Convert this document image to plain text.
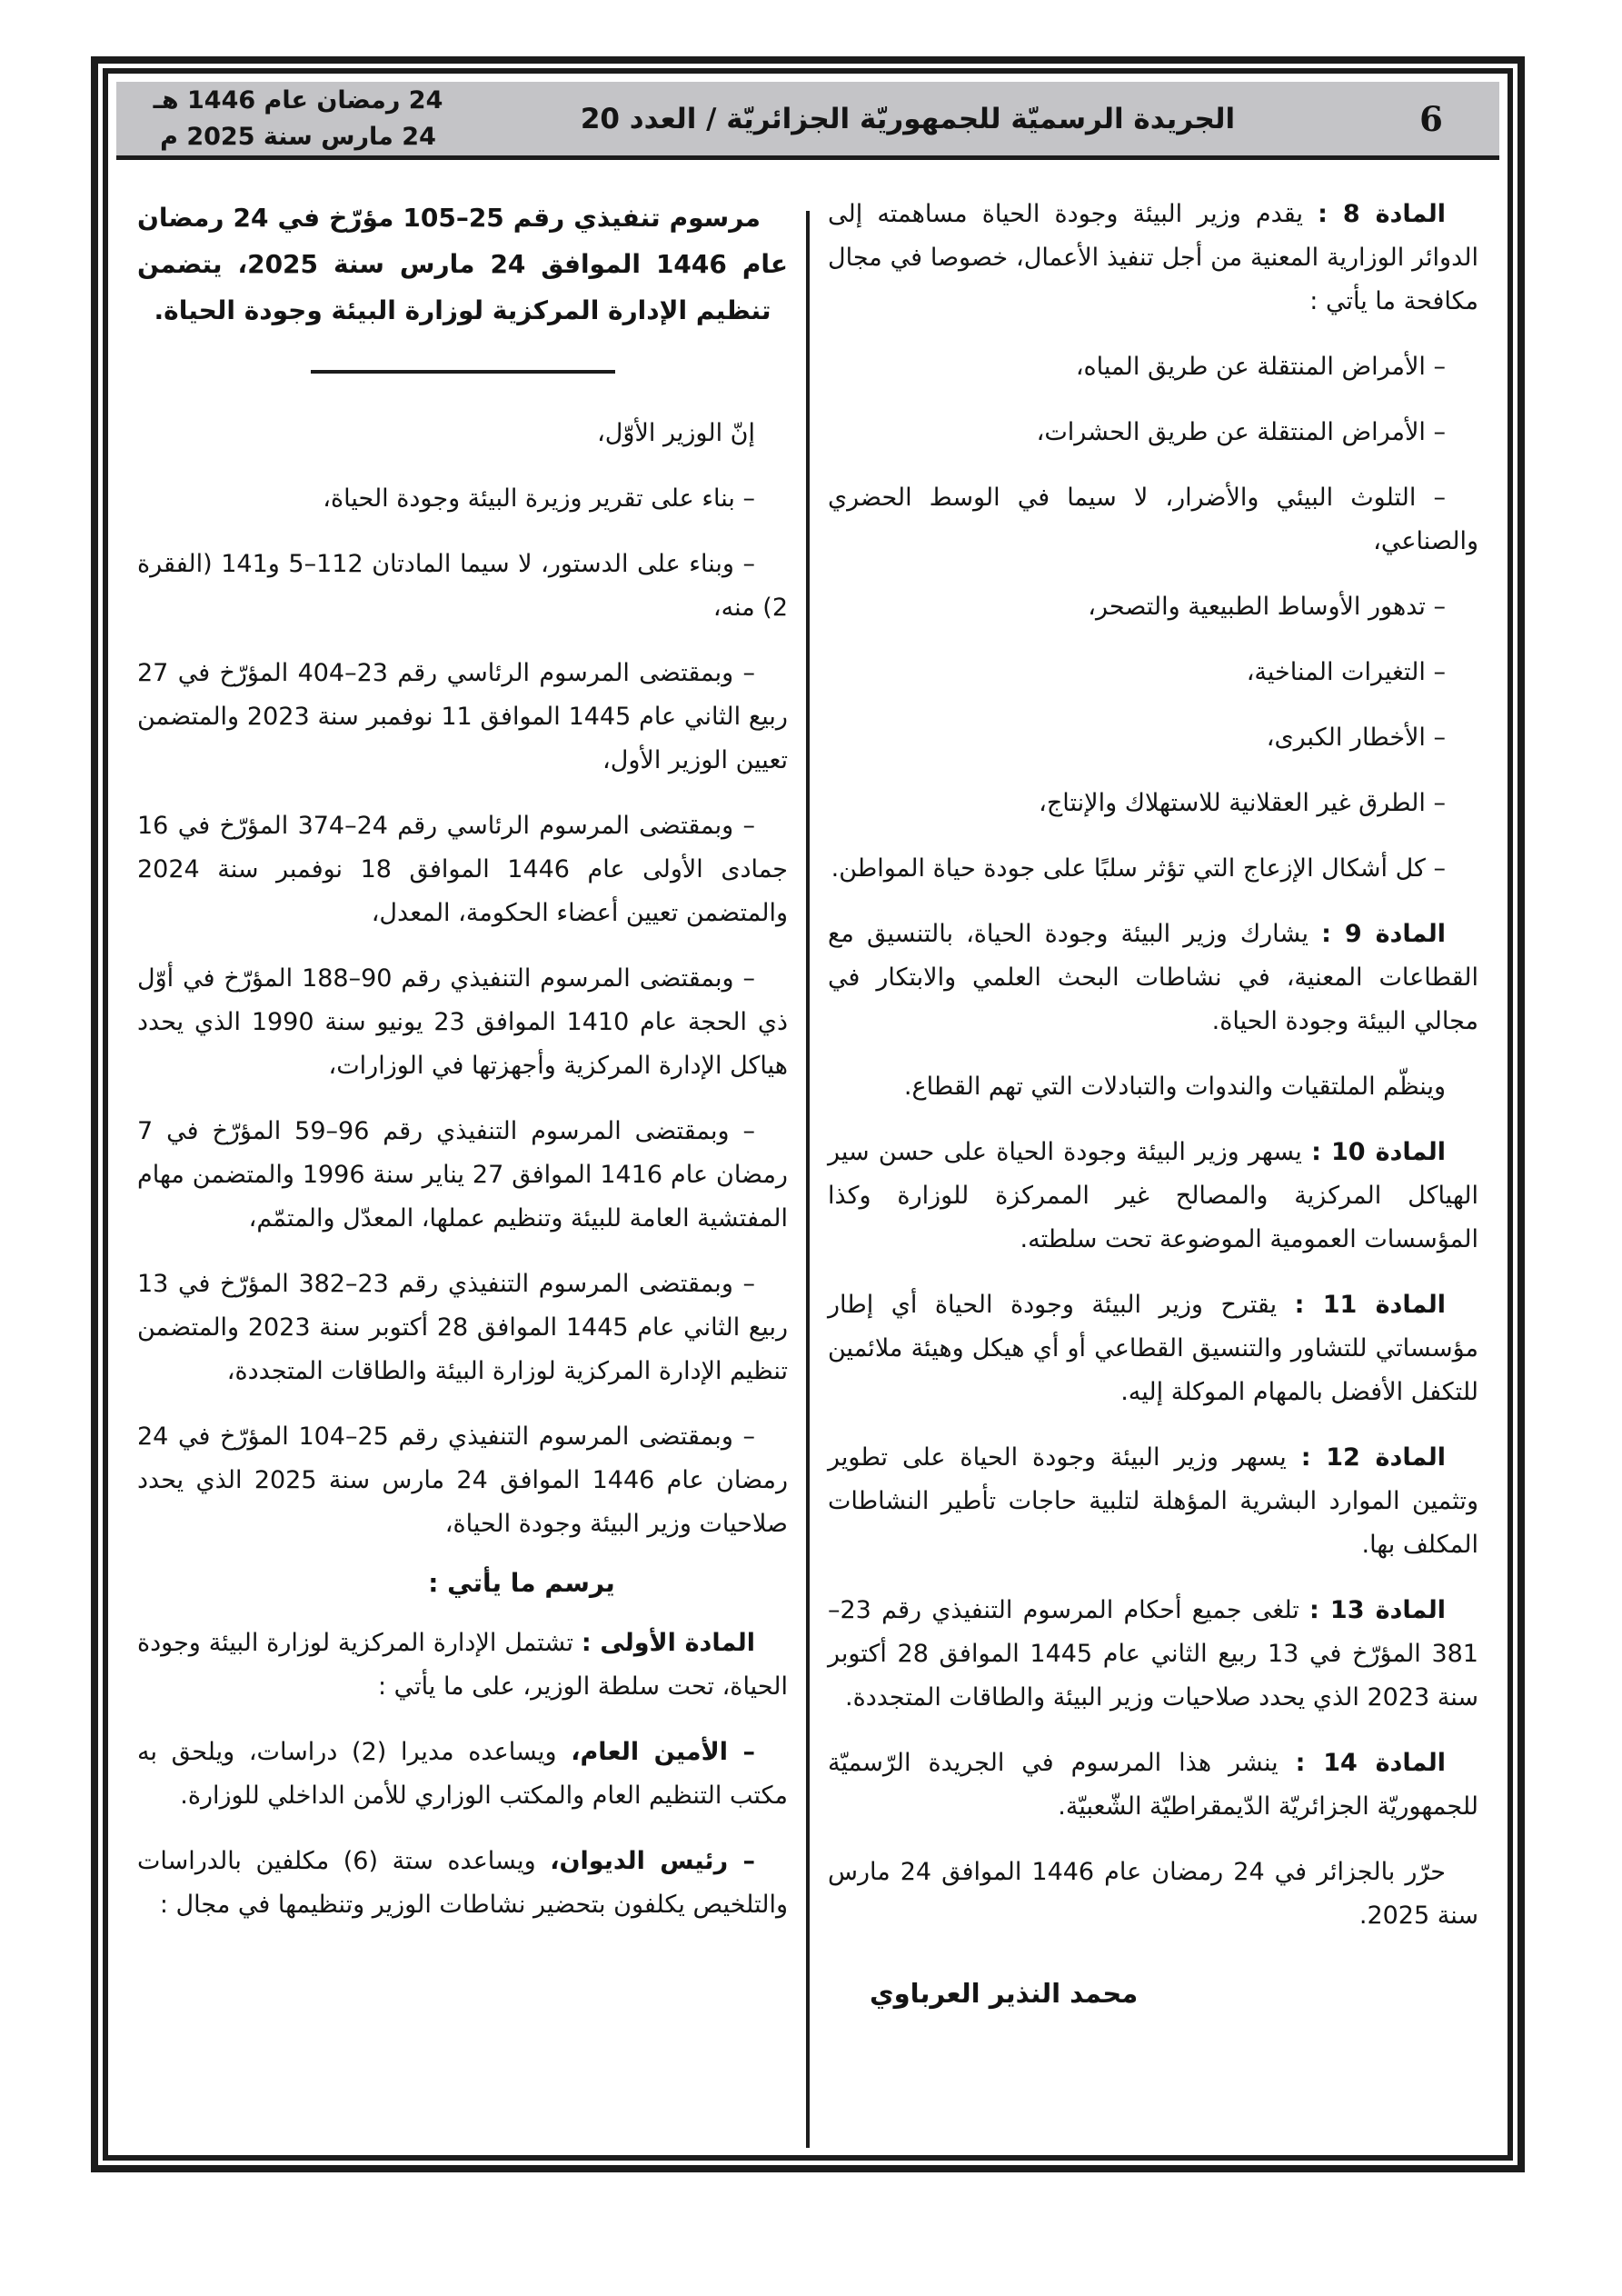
24 رمضان عام 1446 هـ
24 مارس سنة 2025 م
الجريدة الرسميّة للجمهوريّة الجزائريّة / العدد 20	6

المادة 8 : يقدم وزير البيئة وجودة الحياة مساهمته إلى الدوائر الوزارية المعنية من أجل تنفيذ الأعمال، خصوصا في مجال مكافحة ما يأتي :

– الأمراض المنتقلة عن طريق المياه،

– الأمراض المنتقلة عن طريق الحشرات،

– التلوث البيئي والأضرار، لا سيما في الوسط الحضري والصناعي،

– تدهور الأوساط الطبيعية والتصحر،

– التغيرات المناخية،

– الأخطار الكبرى،

– الطرق غير العقلانية للاستهلاك والإنتاج،

– كل أشكال الإزعاج التي تؤثر سلبًا على جودة حياة المواطن.

المادة 9 : يشارك وزير البيئة وجودة الحياة، بالتنسيق مع القطاعات المعنية، في نشاطات البحث العلمي والابتكار في مجالي البيئة وجودة الحياة.

وينظّم الملتقيات والندوات والتبادلات التي تهم القطاع.

المادة 10 : يسهر وزير البيئة وجودة الحياة على حسن سير الهياكل المركزية والمصالح غير الممركزة للوزارة وكذا المؤسسات العمومية الموضوعة تحت سلطته.

المادة 11 : يقترح وزير البيئة وجودة الحياة أي إطار مؤسساتي للتشاور والتنسيق القطاعي أو أي هيكل وهيئة ملائمين للتكفل الأفضل بالمهام الموكلة إليه.

المادة 12 : يسهر وزير البيئة وجودة الحياة على تطوير وتثمين الموارد البشرية المؤهلة لتلبية حاجات تأطير النشاطات المكلف بها.

المادة 13 : تلغى جميع أحكام المرسوم التنفيذي رقم 23–381 المؤرّخ في 13 ربيع الثاني عام 1445 الموافق 28 أكتوبر سنة 2023 الذي يحدد صلاحيات وزير البيئة والطاقات المتجددة.

المادة 14 : ينشر هذا المرسوم في الجريدة الرّسميّة للجمهوريّة الجزائريّة الدّيمقراطيّة الشّعبيّة.

حرّر بالجزائر في 24 رمضان عام 1446 الموافق 24 مارس سنة 2025.

محمد النذير العرباوي

مرسوم تنفيذي رقم 25–105 مؤرّخ في 24 رمضان عام 1446 الموافق 24 مارس سنة 2025، يتضمن تنظيم الإدارة المركزية لوزارة البيئة وجودة الحياة.

إنّ الوزير الأوّل،

– بناء على تقرير وزيرة البيئة وجودة الحياة،

– وبناء على الدستور، لا سيما المادتان 112–5 و141 (الفقرة 2) منه،

– وبمقتضى المرسوم الرئاسي رقم 23–404 المؤرّخ في 27 ربيع الثاني عام 1445 الموافق 11 نوفمبر سنة 2023 والمتضمن تعيين الوزير الأول،

– وبمقتضى المرسوم الرئاسي رقم 24–374 المؤرّخ في 16 جمادى الأولى عام 1446 الموافق 18 نوفمبر سنة 2024 والمتضمن تعيين أعضاء الحكومة، المعدل،

– وبمقتضى المرسوم التنفيذي رقم 90–188 المؤرّخ في أوّل ذي الحجة عام 1410 الموافق 23 يونيو سنة 1990 الذي يحدد هياكل الإدارة المركزية وأجهزتها في الوزارات،

– وبمقتضى المرسوم التنفيذي رقم 96–59 المؤرّخ في 7 رمضان عام 1416 الموافق 27 يناير سنة 1996 والمتضمن مهام المفتشية العامة للبيئة وتنظيم عملها، المعدّل والمتمّم،

– وبمقتضى المرسوم التنفيذي رقم 23–382 المؤرّخ في 13 ربيع الثاني عام 1445 الموافق 28 أكتوبر سنة 2023 والمتضمن تنظيم الإدارة المركزية لوزارة البيئة والطاقات المتجددة،

– وبمقتضى المرسوم التنفيذي رقم 25–104 المؤرّخ في 24 رمضان عام 1446 الموافق 24 مارس سنة 2025 الذي يحدد صلاحيات وزير البيئة وجودة الحياة،

يرسم ما يأتي :

المادة الأولى : تشتمل الإدارة المركزية لوزارة البيئة وجودة الحياة، تحت سلطة الوزير، على ما يأتي :

– الأمين العام، ويساعده مديرا (2) دراسات، ويلحق به مكتب التنظيم العام والمكتب الوزاري للأمن الداخلي للوزارة.

– رئيس الديوان، ويساعده ستة (6) مكلفين بالدراسات والتلخيص يكلفون بتحضير نشاطات الوزير وتنظيمها في مجال :
